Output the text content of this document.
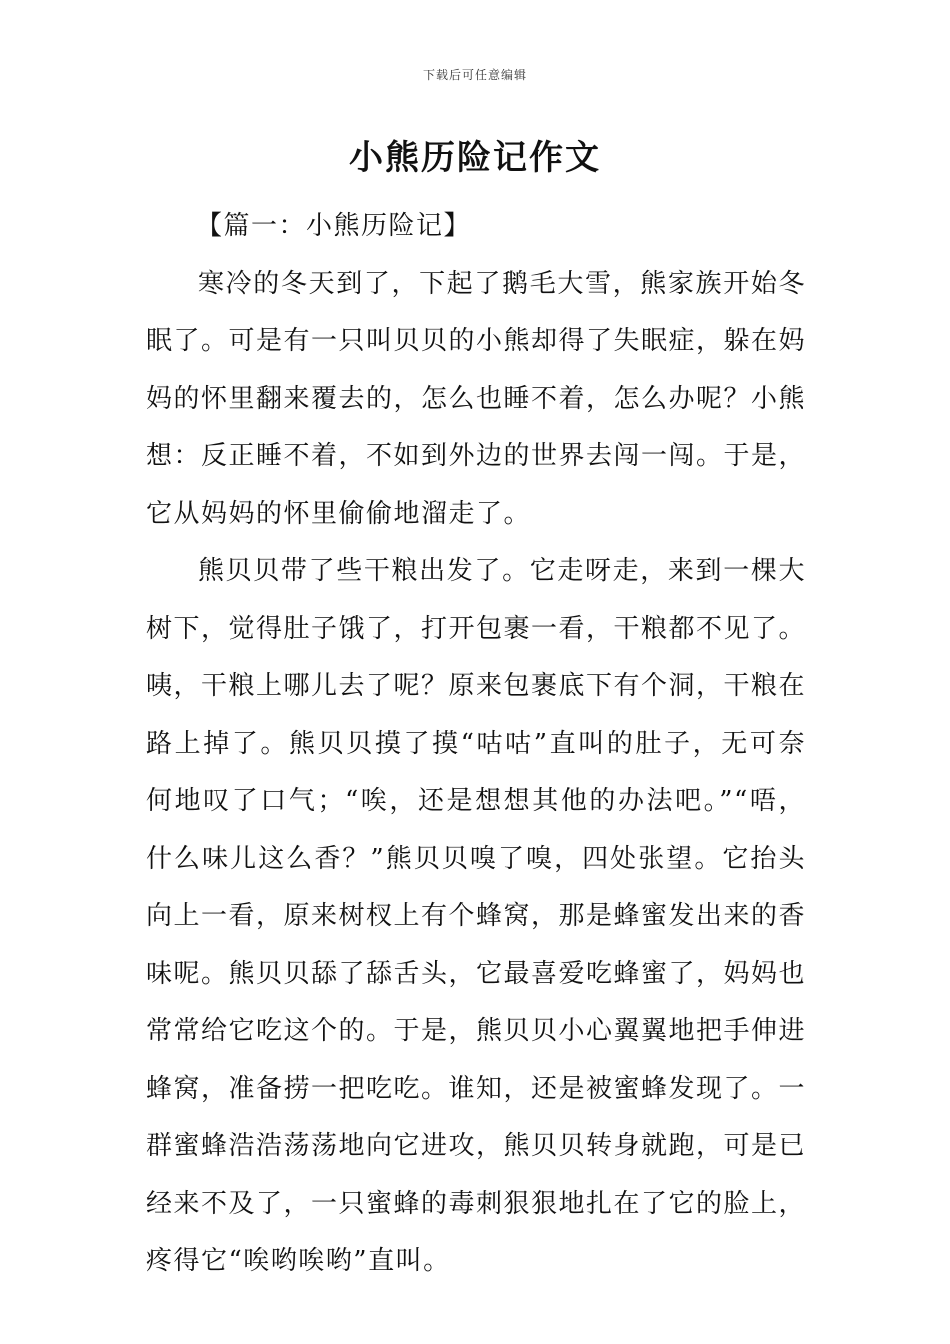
下载后可任意编辑
小熊历险记作文
【篇一：小熊历险记】

寒冷的冬天到了，下起了鹅毛大雪，熊家族开始冬眠了。可是有一只叫贝贝的小熊却得了失眠症，躲在妈妈的怀里翻来覆去的，怎么也睡不着，怎么办呢？小熊想：反正睡不着，不如到外边的世界去闯一闯。于是，它从妈妈的怀里偷偷地溜走了。

熊贝贝带了些干粮出发了。它走呀走，来到一棵大树下，觉得肚子饿了，打开包裹一看，干粮都不见了。咦，干粮上哪儿去了呢？原来包裹底下有个洞，干粮在路上掉了。熊贝贝摸了摸“咕咕”直叫的肚子，无可奈何地叹了口气；“唉，还是想想其他的办法吧。”“唔，什么味儿这么香？”熊贝贝嗅了嗅，四处张望。它抬头向上一看，原来树杈上有个蜂窝，那是蜂蜜发出来的香味呢。熊贝贝舔了舔舌头，它最喜爱吃蜂蜜了，妈妈也常常给它吃这个的。于是，熊贝贝小心翼翼地把手伸进蜂窝，准备捞一把吃吃。谁知，还是被蜜蜂发现了。一群蜜蜂浩浩荡荡地向它进攻，熊贝贝转身就跑，可是已经来不及了，一只蜜蜂的毒刺狠狠地扎在了它的脸上，疼得它“唉哟唉哟”直叫。
